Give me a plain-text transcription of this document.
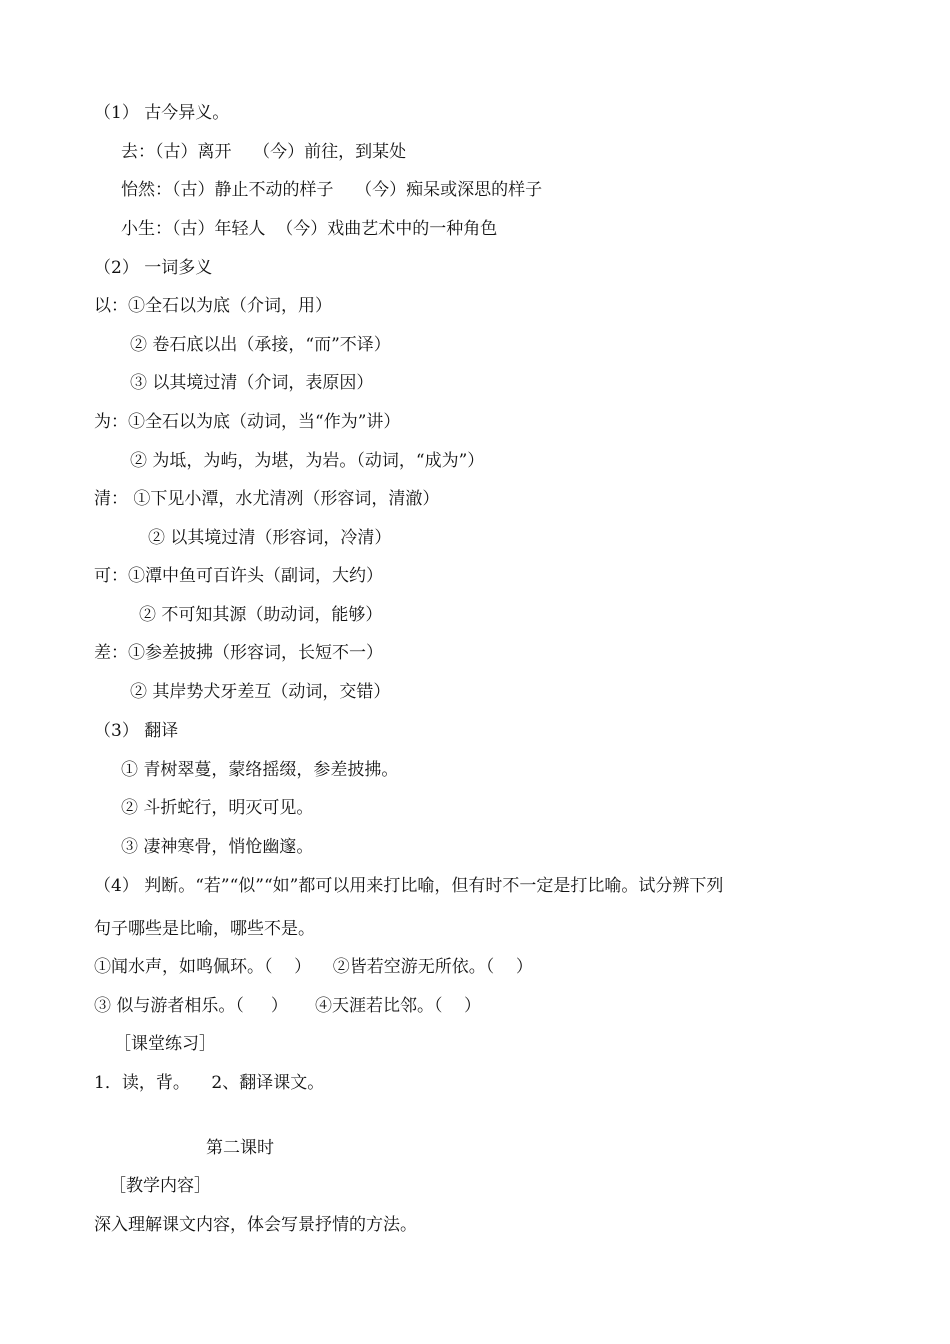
（1） 古今异义。
去：（古）离开    （今）前往，到某处
怡然：（古）静止不动的样子    （今）痴呆或深思的样子
小生：（古）年轻人  （今）戏曲艺术中的一种角色
（2） 一词多义
以：①全石以为底（介词，用）
② 卷石底以出（承接，“而”不译）
③ 以其境过清（介词，表原因）
为：①全石以为底（动词，当“作为”讲）
② 为坻，为屿，为堪，为岩。（动词，“成为”）
清： ①下见小潭，水尤清冽（形容词，清澈）
② 以其境过清（形容词，冷清）
可：①潭中鱼可百许头（副词，大约）
② 不可知其源（助动词，能够）
差：①参差披拂（形容词，长短不一）
② 其岸势犬牙差互（动词，交错）
（3） 翻译
① 青树翠蔓，蒙络摇缀，参差披拂。
② 斗折蛇行，明灭可见。
③ 凄神寒骨，悄怆幽邃。
（4） 判断。“若”“似”“如”都可以用来打比喻，但有时不一定是打比喻。试分辨下列
句子哪些是比喻，哪些不是。
①闻水声，如鸣佩环。（    ）    ②皆若空游无所依。（    ）
③ 似与游者相乐。（     ）     ④天涯若比邻。（    ）
［课堂练习］
1．读，背。    2、翻译课文。
第二课时
［教学内容］
深入理解课文内容，体会写景抒情的方法。
